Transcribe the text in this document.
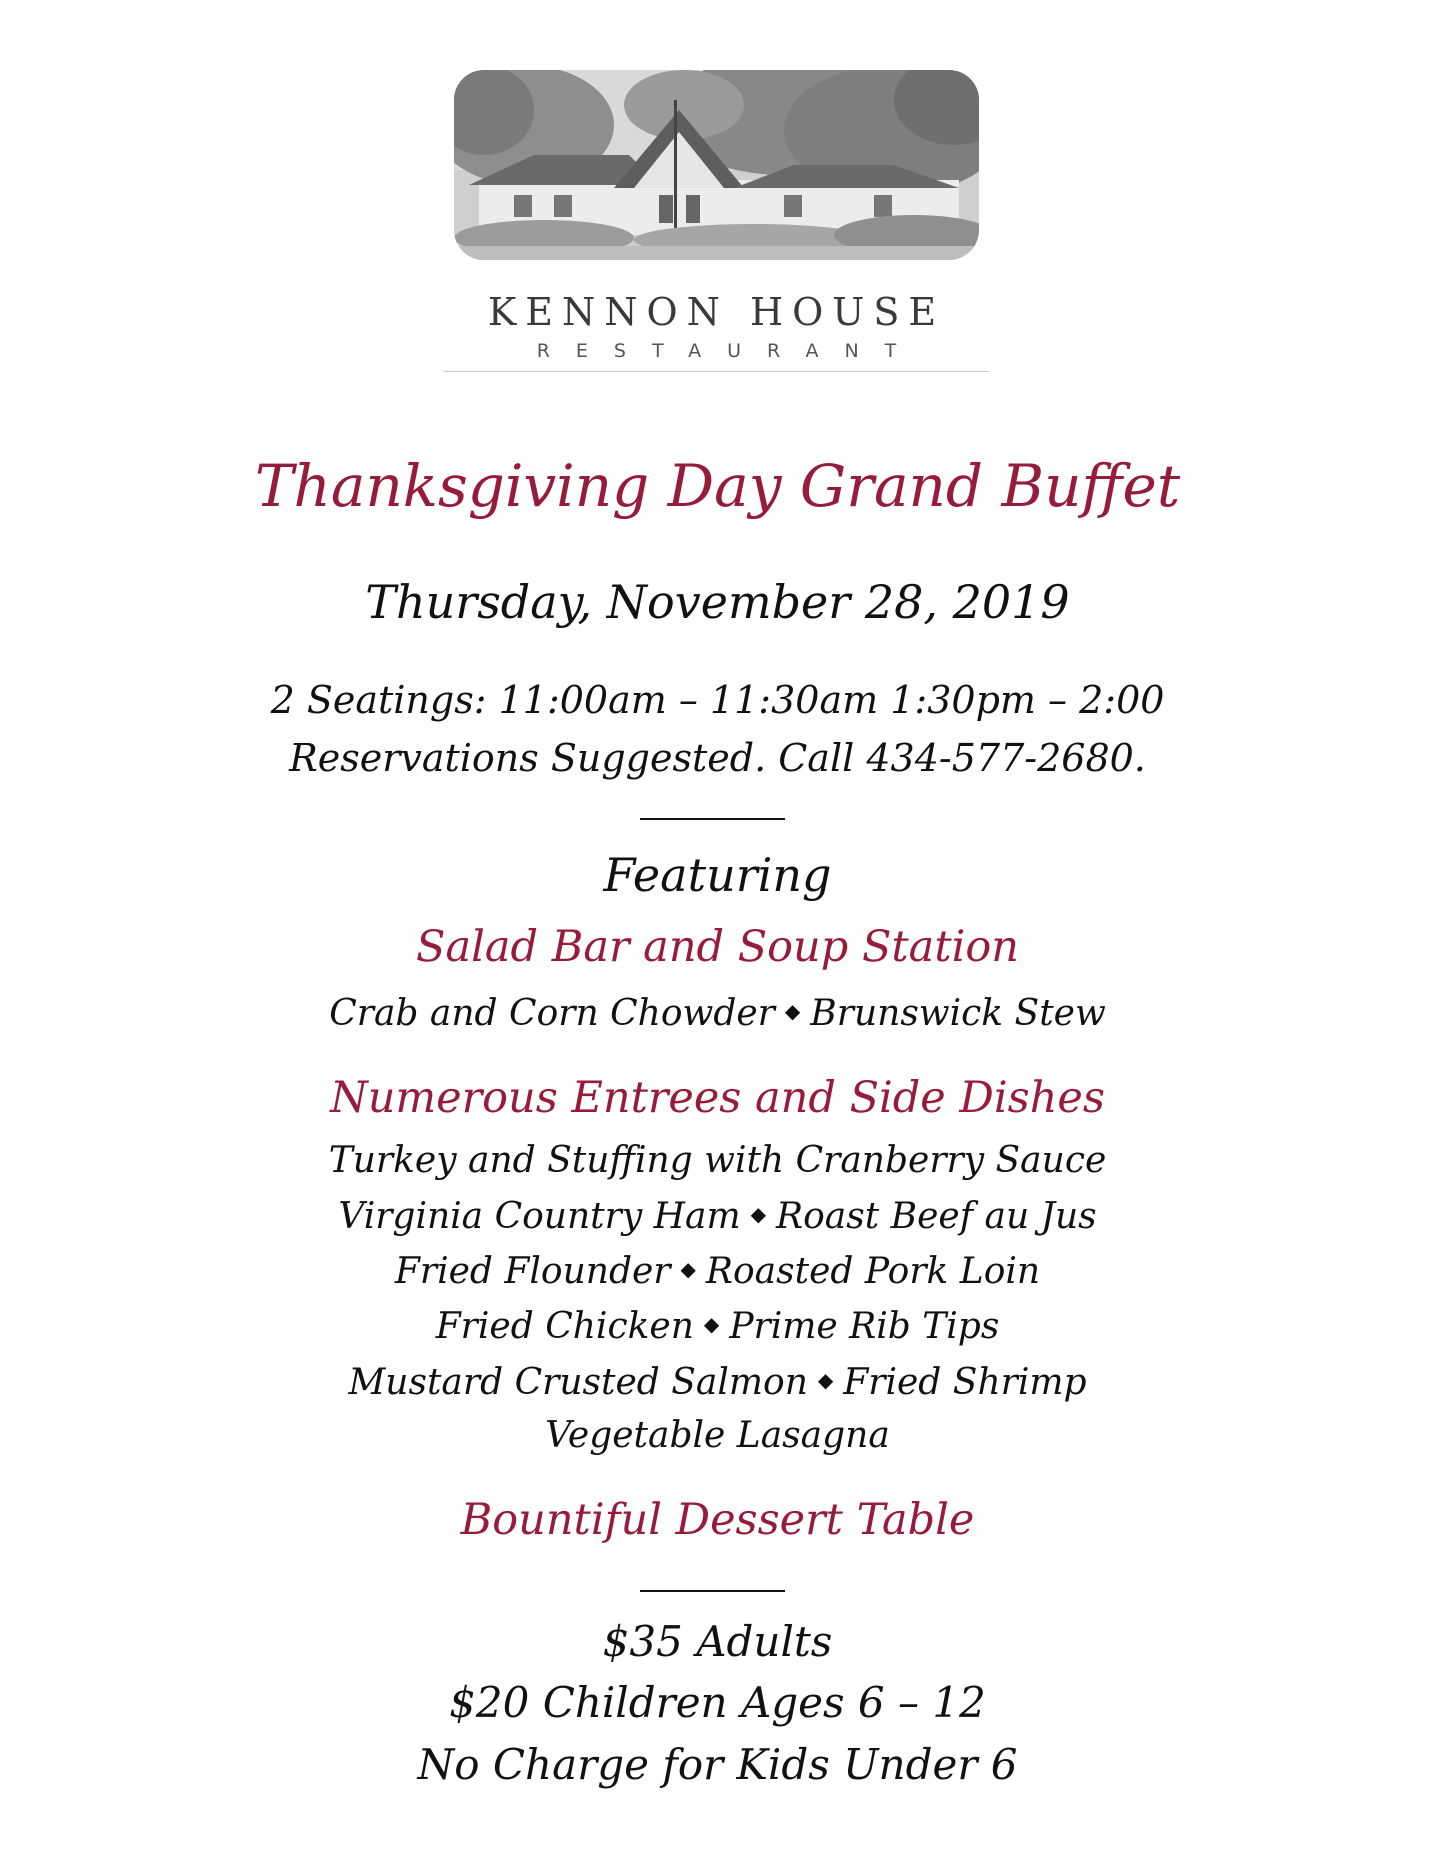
KENNON HOUSE
RESTAURANT
Thanksgiving Day Grand Buffet
Thursday, November 28, 2019
2 Seatings: 11:00am – 11:30am 1:30pm – 2:00
Reservations Suggested. Call 434-577-2680.
Featuring
Salad Bar and Soup Station
Crab and Corn Chowder ◆ Brunswick Stew
Numerous Entrees and Side Dishes
Turkey and Stuffing with Cranberry Sauce
Virginia Country Ham ◆ Roast Beef au Jus
Fried Flounder ◆ Roasted Pork Loin
Fried Chicken ◆ Prime Rib Tips
Mustard Crusted Salmon ◆ Fried Shrimp
Vegetable Lasagna
Bountiful Dessert Table
$35 Adults
$20 Children Ages 6 – 12
No Charge for Kids Under 6
